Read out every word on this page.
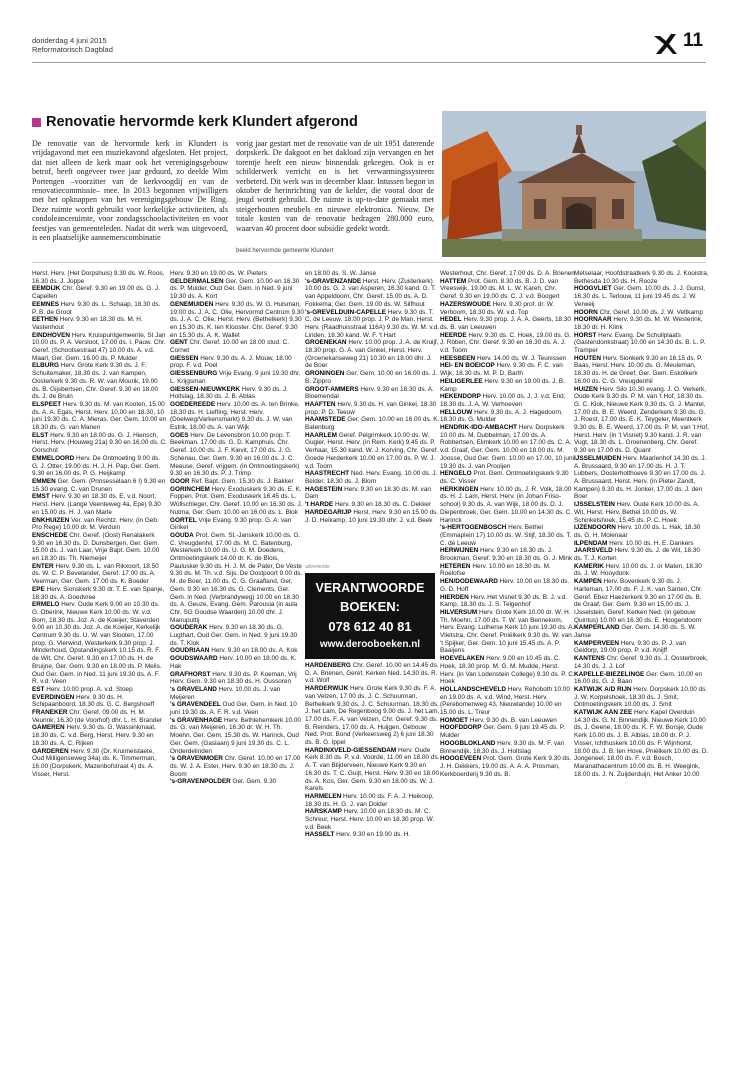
donderdag 4 juni 2015
Reformatorisch Dagblad	11
Renovatie hervormde kerk Klundert afgerond
De renovatie van de hervormde kerk in Klundert is vrijdagavond met een muziekavond afgesloten. Het project, dat niet alleen de kerk maar ook het verenigingsgebouw betrof, heeft ongeveer twee jaar geduurd, zo deelde Wim Portengen –voorzitter van de kerkvoogdij en van de renovatiecommissie– mee. In 2013 begonnen vrijwilligers met het opknappen van het verenigingsgebouw De Ring. Deze ruimte wordt gebruikt voor kerkelijke activiteiten, als condoleanceruimte, voor zondagsschoolactiviteiten en voor feestjes van gemeenteleden. Nadat dit werk was uitgevoerd, is een plaatselijke aannemerscombinatie
vorig jaar gestart met de renovatie van de uit 1951 daterende dorpskerk. De dakgoot en het dakload zijn vervangen en het torentje heeft een nieuw binnendak gekregen. Ook is er schilderwerk verricht en is het verwarmingssysteem verbeterd. Dit werk was in december klaar. Intussen begon in oktober de herinrichting van de kelder, die vooral door de jeugd wordt gebruikt. De ruimte is up-to-date gemaakt met steigerbouten meubels en nieuwe elektronica. Nieuw. De totale kosten van de renovatie bedragen 280.000 euro, waarvan 40 procent door subsidie gedekt wordt.
beeld hervormde gemeente Klundert

Herst. Herv. (Het Dorpshuis) 9.30 ds. W. Roos, 16.30 ds. J. Joppe

EEMDIJK Chr. Geref. 9.30 en 19.00 ds. G. J. Capellen

EEMNES Herv. 9.30 ds. L. Schaap, 18.30 ds. P. B. de Groot

EETHEN Herv. 9.30 en 18.30 ds. M. H. Vastenhout

EINDHOVEN Herv. Kruispuntgemeente, St Jan 10.00 ds. P. A. Versloot, 17.00 ds. I. Pauw. Chr. Geref. (Schootsestraat 47) 10.00 ds. A. v.d. Maarl, Ger. Gem. 16.00 ds. P. Mulder

ELBURG Herv. Grote Kerk 9.30 ds. J. F. Schuitemaker, 18.30 ds. J. van Kampen, Oosterkerk 9.30 ds. R. W. van Mourik, 19.00 ds. B. Gijsbertsen, Chr. Geref. 9.30 en 18.00 ds. J. de Bruin

ELSPEET Herv. 9.30 ds. M. van Kooten, 15.00 ds. A. A. Egas, Herst. Herv. 10.00 en 18.30, 10 juni 19.30 ds. C. A. Mieras. Ger. Gem. 10.00 en 18.30 ds. G. van Manen

ELST Herv. 9.30 en 18.00 ds. G. J. Hiensch, Herst. Herv. (Houweg 21a) 9.30 en 16.00 ds. C. Oorschot

EMMELOORD Herv. De Ontmoeting 9.00 ds. G. J. Otter, 19.00 ds. H. J. H. Pap, Ger. Gem. 9.30 en 16.00 ds. P. G. Heijkamp

EMMEN Ger. Gem. (Prinsesselaan 6 I) 9.30 en 15.30 evang. C. van Drunen

EMST Herv. 9.30 en 18.30 ds. E. v.d. Noort, Herst. Herv. (Lange Veenteweg 4a, Epe) 9.30 en 15.00 ds. H. J. van Marle

ENKHUIZEN Ver. van Rechtz. Herv. (in Geb. Pro Rege) 10.00 dr. M. Verduin

ENSCHEDE Chr. Geref. (Oost) Renatakerk 9.30 en 16.30 ds. D. Dunsbergen, Ger. Gem. 15.00 ds. J. van Laar, Vrije Bapt. Gem. 10.00 en 18.30 ds. Th. Niemeijer

ENTER Herv. 9.30 ds. L. van Rikxoort, 18.50 ds. W. C. P. Bevelander, Geref. 17.00 ds. A. Veerman, Ger. Gem. 17.00 ds. K. Boeder

EPE Herv. Sionskerk 9.30 dr. T. E. van Spanje, 18.30 ds. A. Goedvree

ERMELO Herv. Oude Kerk 9.00 en 10.30 ds. G. Oberink, Nieuwe Kerk 10.00 ds. W. v.d. Born, 18.30 ds. Joz. A. de Koeijer, Staverden 9.00 en 10.30 ds. Joz. A. de Koeijer, Kerkelijk Centrum 9.30 ds. U. W. van Slooten, 17.00 prop. G. Vierwind, Westerkerk 9.30 prop. J. Minderhoud, Opstandingskerk 10.15 ds. R. F. de Wit, Chr. Geref. 9.30 en 17.00 ds. H. de Bruijne, Ger. Gem. 9.30 en 18.00 ds. P. Melis. Oud Ger. Gem. in Ned. 11 juni 19.30 ds. A. F. R. v.d. Veen

EST Herv. 10.00 prop. A. v.d. Stoep

EVERDINGEN Herv. 9.30 ds. H. Schipaanboord, 18.30 ds. G. C. Bergshoeff

FRANEKER Chr. Geref. 09.00 ds. H. M. Veurink, 16.30 (de Voorhof) dhr. L. H. Brander

GAMEREN Herv. 9.30 ds. G. Wassinkmaat, 18.30 ds. C. v.d. Berg, Herst. Herv. 9.30 en 18.30 ds. A. C. Rijken

GARDEREN Herv. 9.30 (Dr. Kruimelstaete, Oud Milligenseweg 34a) ds. K. Timmerman, 16.00 (Dorpskerk, Mazenbofstraat 4) ds. A. Visser, Herst.

Herv. 9.30 en 19.00 ds. W. Pieters

GELDERMALSEN Ger. Gem. 10.00 en 18.30 ds. P. Mulder. Oud Ger. Gem. in Ned. 9 juni 19.30 ds. A. Kort

GENEMUIDEN Herv. 9.30 ds. W. G. Hulsman, 19.00 ds. J. A. C. Olie, Hervormd Centrum 9.30 ds. J. A. C. Olie, Herst. Herv. (Bethelkerk) 9.30 en 15.30 ds. K. ten Klooster. Chr. Geref. 9.30 en 15.30 ds. A. K. Wallet

GENT Chr. Geref. 10.00 en 18.00 stud. C. Cornet

GIESSEN Herv. 9.30 ds. A. J. Mouw, 18.00 prop. F. v.d. Poel

GIESSENBURG Vrije Evang. 9 juni 19.30 dhr. L. Krijgsman

GIESSEN-NIEUWKERK Herv. 9.30 ds. J. Holtslag, 18.30 ds. J. B. Ablas

GOEDEREEDE Herv. 10.00 ds. A. ten Brinke, 18.30 ds. H. Liefting, Herst. Herv. (Doelweg/Varkensmarkt) 9.30 ds. J. W. van Estrik, 18.00 ds. A. van Wijk

GOES Herv. De Levensbron 10.00 prop. T. Beekman. 17.00 ds. G. D. Kamphuis. Chr. Geref. 10.00 ds. J. F. Kievit, 17.00 ds. J. G. Schenau, Ger. Gem. 9.30 en 16.00 ds. J. C. Meeuse, Geref. vrijgem. (in Ontmoetingskerk) 9.30 en 16.30 ds. P. J. Trimp

GOOR Ref. Bapt. Gem. 15.30 ds. J. Bakker

GORINCHEM Herv. Exoduskerk 9.30 ds. E. K. Foppen. Prot. Gem. Exoduskerk 16.45 ds. L. Wüllschleger, Chr. Geref. 10.00 en 16.30 ds. J. Nutma, Ger. Gem. 10.00 en 16.00 ds. L. Blok

GORTEL Vrije Evang. 9.30 prop. G. A. van Ginkel

GOUDA Prot. Gem. St.-Janskerk 10.00 ds. G. C. Vreugdenhil, 17.00 ds. M. C. Batenburg, Westerkerk 10.00 ds. U. G. M. Doedens, Ontmoetingskerk 14.00 dr. K. de Blois, Paulusker 9.30 ds. H. J. M. de Pater, De Veste 9.30 ds. M. Th. v.d. Sijs. De Oostpoort 9.00 ds. M. de Boer, 11.00 ds. C. G. Graafland, Ger. Gem. 9.30 en 16.30 ds. G. Clements, Ger. Gem. in Ned. (Verbrandyweg) 10.00 en 18.30 ds. A. Geuze, Evang. Gem. Parousia (in aula Chr. SG Goudse Waarden) 10.00 dhr. J. Manuputtij

GOUDERAK Herv. 9.30 en 18.30 ds. G. Lugthart, Oud Ger. Gem. in Ned. 9 juni 19.30 ds. T. Klok

GOUDRIAAN Herv. 9.30 en 18.00 ds. A. Kok

GOUDSWAARD Herv. 10.00 en 18.00 ds. K. Hak

GRAFHORST Herv. 9.30 ds. P. Koeman, Vrij Herv. Gem. 9.30 en 18.30 ds. H. Oussoren

's GRAVELAND Herv. 10.00 ds. J. van Meijeren

's GRAVENDEEL Oud Ger. Gem. in Ned. 10 juni 19.30 ds. A. F. R. v.d. Veen

's GRAVENHAGE Herv. Bethlehemkerk 10.00 ds. G. van Meijeren, 16.30 dr. W. H. Th. Moehn, Ger. Gem. 15.30 ds. W. Harinck, Oud Ger. Gem. (Gaslaan) 9 juni 19.30 ds. C. L. Onderdelinden

's GRAVENMOER Chr. Geref. 10.00 en 17.00 ds. W. J. A. Ester, Herv. 9.30 en 18.30 ds. J. Boom

's-GRAVENPOLDER Ger. Gem. 9.30

en 18.00 ds. S. W. Janse

's-GRAVENZANDE Herst. Herv. (Zuiderkerk) 10.00 ds. G. J. van Asperen, 16.30 kand. G. T. van Appeldoorn, Chr. Geref. 15.00 ds. A. D. Fokkema, Ger. Gem. 19.00 ds. W. Silfhout

's-GREVELDUIN-CAPELLE Herv. 9.30 ds. T. C. de Leeuw. 18.00 prop. J. P. de Man, Herst. Herv. (Raadhuisstraat 116A) 9.30 ds. W. M. v.d. Linden, 18.30 kand. W. F. 't Hart

GROENEKAN Herv. 10.00 prop. J. A. de Kruijf, 18.30 prop. G. A. van Ginkel, Herst. Herv. (Groenekanseweg 21) 10.30 en 18.00 dhr. J. de Boer

GRONINGEN Ger. Gem. 10.00 en 16.00 ds. J. B. Zippro

GROOT-AMMERS Herv. 9.30 en 18.30 ds. A. Bloemendal

HAAFTEN Herv. 9.30 ds. H. van Ginkel, 18.30 prop. P. D. Teeuw

HAAMSTEDE Ger. Gem. 10.00 en 16.00 ds. K. Batenburg

HAARLEM Geref. Pelgrimkerk 10.00 ds. W. Gugler, Herst. Herv. (in Rem. Kerk) 9.45 ds. P. Verhaar, 15.30 kand. W. J. Korving, Chr. Geref. Goede Herderkerk 10.00 en 17.00 ds. P. W. J. v.d. Toorn

HAASTRECHT Ned. Herv. Evang. 10.00 ds. J. Belder, 18.30 ds. J. Blom

HAGESTEIN Herv. 9.30 en 18.30 ds. M. van Dam

't HARDE Herv. 9.30 en 18.30 ds. C. Dekker

HARDEGARIJP Herst. Herv. 9.30 en 15.00 ds. J. D. Heikamp, 10 juni 19.30 dhr. J. v.d. Beek

HARDENBERG Chr. Geref. 10.00 en 14.45 ds. D. A. Brienen, Geref. Kerken Ned. 14.30 ds. R. v.d. Wolf

HARDERWIJK Herv. Grote Kerk 9.30 ds. F. A. van Velzen, 17.00 ds. J. C. Schuurman, Bethelkerk 9.30 ds. J. C. Schuurman, 18.30 ds. J. het Lam, De Regenboog 9.00 ds. J. het Lam, 17.00 ds. F. A. van Velzen, Chr. Geref. 9.30 ds. B. Reinders, 17.00 ds. A. Huijgen, Gebouw Ned. Prot. Bond (Verkeersweg 2) 6 juni 18.30 ds. B. G. Ippel

HARDINXVELD-GIESSENDAM Herv. Oude Kerk 8.30 ds. P. v.d. Voorde, 11.00 en 18.00 ds. A. T. van Blijderveen, Nieuwe Kerk 9.30 en 16.30 ds. T. C. Guijt, Herst. Herv. 9.30 en 18.00 ds. A. Kos, Ger. Gem. 9.30 en 18.00 ds. W. J. Karels

HARMELEN Herv. 10.00 ds. F. A. J. Heikoop, 18.30 ds. H. G. J. van Dolder

HARSKAMP Herv. 10.00 en 18.30 ds. M. C. Schreur, Herst. Herv. 10.00 en 18.30 prop. W. v.d. Beek

HASSELT Herv. 9.30 en 19.00 ds. H.

Westerhout, Chr. Geref. 17.00 ds. D. A. Brienen

HATTEM Prot. Gem. 8.30 ds. B. J. D. van Vreeswijk, 19.00 ds. M. L. W. Kareh, Chr. Geref. 9.30 en 19.00 ds. C. J. v.d. Boogert

HAZERSWOUDE Herv. 9.30 prof. dr. W. Verboom, 18.30 ds. W. v.d. Top

HEDEL Herv. 9.30 prop. J. A. A. Geerts, 18.30 ds. B. van Leeuwen

HEERDE Herv. 9.30 ds. C. Hoek, 19.00 ds. G. J. Röben, Chr. Geref. 9.30 en 16.30 ds. A. J. v.d. Toorn

HEESBEEN Herv. 14.00 ds. W. J. Teunissen

HEI- EN BOEICOP Herv. 9.30 ds. F. C. van Wijk, 18.30 ds. M. P. D. Barth

HEILIGERLEE Herv. 9.30 en 19.00 ds. J. B. Kamp

HEKENDORP Herv. 10.00 ds. J. J. v.d. End, 18.30 ds. J. A. W. Verhoeven

HELLOUW Herv. 9.30 ds. A. J. Hagedoorn, 18.30 ds. G. Mulder

HENDRIK-IDO-AMBACHT Herv. Dorpskerk 10.00 ds. M. Dubbelman, 17.00 ds. A. Robbertsen, Elimkerk 10.00 en 17.00 ds. C. A. v.d. Graaf, Ger. Gem. 10.00 en 18.00 ds. M. Joosse, Oud Ger. Gem. 10.00 en 17.00, 10 juni 19.30 ds. J. van Prooijen

HENGELO Prot. Gem. Ontmoetingskerk 9.30 ds. C. Visser

HERKINGEN Herv. 10.00 ds. J. R. Volk, 18.00 ds. H. J. Lam, Herst. Herv. (in Johan Friso-school) 9.30 ds. A. van Wijk, 18.00 ds. D. J. Diepenbroek, Ger. Gem. 10.00 en 14.30 ds. C. Harinck

's-HERTOGENBOSCH Herv. Bethel (Emmaplein 17) 10.00 ds. W. Stijf, 18.30 ds. T. C. de Leeuw

HERWIJNEN Herv. 9.30 en 18.30 ds. J. Brookman, Geref. 9.30 en 18.30 ds. G. J. Mink

HETEREN Herv. 10.00 en 18.30 ds. M. Roelofse

HEN/DODEWAARD Herv. 10.00 en 18.30 ds. G. D. Hoff

HIERDEN Herv. Het Visnet 9.30 ds. B. J. v.d. Kamp, 18.30 ds. J. S. Telgenhof

HILVERSUM Herv. Grote Kerk 10.00 dr. W. H. Th. Moehn, 17.00 ds. T. W. van Bennekom, Herv. Evang. Lutherse Kerk 10 juni 19.30 ds. A. Vlietstra, Chr. Geref. Pniëlkerk 9.30 ds. W. van 't Spijker, Ger. Gem. 10 juni 15.45 ds. A. P. Baaijens

HOEVELAKEN Herv. 9.00 en 10.45 ds. C. Hoek, 18.30 prop. M. G. M. Mudde, Herst. Herv. (in Van Lodenstein College) 9.30 ds. P. C. Hoek

HOLLANDSCHEVELD Herv. Rehoboth 10.00 en 19.00 ds. A. v.d. Wind, Herst. Herv. (Perebomenweg 43, Nieuwlande) 10.00 en 15.00 ds. L. Treur

HOMOET Herv. 9.30 ds. B. van Leeuwen

HOOFDDORP Ger. Gem. 9 juni 19.45 ds. P. Mulder

HOOGBLOKLAND Herv. 9.30 ds. M. F. van Binnendijk, 18.30 ds. J. Holtslag

HOOGEVEEN Prot. Gem. Grote Kerk 9.30 ds. J. H. Dekkers, 19.00 ds. A. A. A. Prosman, Kerkboerderij 9.30 ds. B.

Metselaar, Hoofdstraatkerk 9.30 ds. J. Kooistra, Bethesda 10.30 ds. H. Rooze

HOOGVLIET Ger. Gem. 10.00 ds. J. J. Gunst, 16.30 ds. L. Terlouw, 11 juni 19.45 ds. J. W. Verweij

HOORN Chr. Geref. 10.00 ds. J. W. Veltkamp

HOORNAAR Herv. 9.30 ds. M. W. Westerink, 18.30 dr. H. Klink

HORST Herv. Evang. De Schuilplaats (Gastendonkstraat) 10.00 en 14.30 ds. B. L. P. Tramper

HOUTEN Herv. Sionkerk 9.30 en 16.15 ds. P. Baas, Herst. Herv. 10.00 ds. G. Meuleman, 18.30 ds. H. de Greef, Ger. Gem. Eskolkerk 16.00 ds. C. G. Vreugdenhil

HUIZEN Herv. Silo 10.30 evang. J. O. Verkerk, Oude Kerk 9.30 ds. P. M. van 't Hof, 18.30 ds. G. C. Klok, Nieuwe Kerk 9.30 ds. G. J. Mantel, 17.00 ds. B. E. Weerd, Zenderkerk 9.30 ds. G. J. Roest, 17.00 ds. E. K. Teygeler, Meentkerk 9.30 ds. B. E. Weerd, 17.00 ds. P. M. van 't Hof, Herst. Herv. (in 't Visnet) 9.30 kand. J. R. van Vugt, 18.30 ds. L. Groenenberg, Chr. Geref. 9.30 en 17.00 ds. D. Quant

IJSSELMUIDEN Herv. Maarlenhof 14.30 ds. J. A. Brussaard, 9.30 en 17.00 ds. H. J. T. Lubbers, Oosterholthoeve 9.30 en 17.00 ds. J. A. Brussaard, Herst. Herv. (in Pieter Zandt, Kampen) 9.30 ds. H. Jonker, 17.00 ds. J. den Boer

IJSSELSTEIN Herv. Oude Kerk 10.00 ds. A. Wit, Herst. Herv. Bethel 10.00 ds. W. Schinkelshoek, 15.45 ds. P. C. Hoek

IJZENDOORN Herv. 10.00 ds. L. Hak, 18.30 ds. G. H. Molenaar

ILPENDAM Herv. 10.00 ds. H. E. Dankers

JAARSVELD Herv. 9.30 ds. J. de Wit, 18.30 ds. T. J. Korten

KAMERIK Herv. 10.00 ds. J. or Maten, 18.30 ds. J. W. Hooydonk

KAMPEN Herv. Bovenkerk 9.30 ds. J. Harteman, 17.00 ds. F. J. K. van Santen, Chr. Geref. Ebez Haezerkerk 9.30 en 17.00 ds. B. de Graaf, Ger. Gem. 9.30 en 15.00 ds. J. IJsselstein, Geref. Kerken Ned. (in gebouw Quintus) 10.00 en 16.30 ds. E. Hoogendoorn

KAMPERLAND Ger. Gem. 14.30 ds. S. W. Janse

KAMPERVEEN Herv. 9.30 ds. P. J. van Geldorp, 19.00 prop. P. v.d. Knijff

KANTENS Chr. Geref. 9.30 ds. J. Oosterbroek, 14.30 ds. J. J. Lof

KAPELLE-BIEZELINGE Ger. Gem. 10.00 en 16.00 ds. G. J. Baan

KATWIJK A/D RIJN Herv. Dorpskerk 10.00 ds. J. W. Korpelshoek, 18.30 ds. J. Smit, Ontmoetingskerk 10.00 ds. J. Smit

KATWIJK AAN ZEE Herv. Kapel Overduin 14.30 ds. G. N. Binnendijk, Nieuwe Kerk 10.00 ds. J. Geene, 18.00 ds. K. F. W. Borsje, Oude Kerk 10.00 ds. J. B. Albias, 18.00 dr. P. J. Visser, Ichthuskerk 10.00 ds. F. Wijnhorst, 18.00 ds. J. B. ten Hove, Pniëlkerk 10.00 ds. D. Jongeneel, 18.00 ds. F. v.d. Bosch, Maranathacentrum 10.00 ds. B. H. Weegink, 18.00 ds. J. N. Zuijderduijn, Het Anker 10.00

advertentie
VERANTWOORDE
BOEKEN:
078 612 40 81
www.derooboeken.nl
